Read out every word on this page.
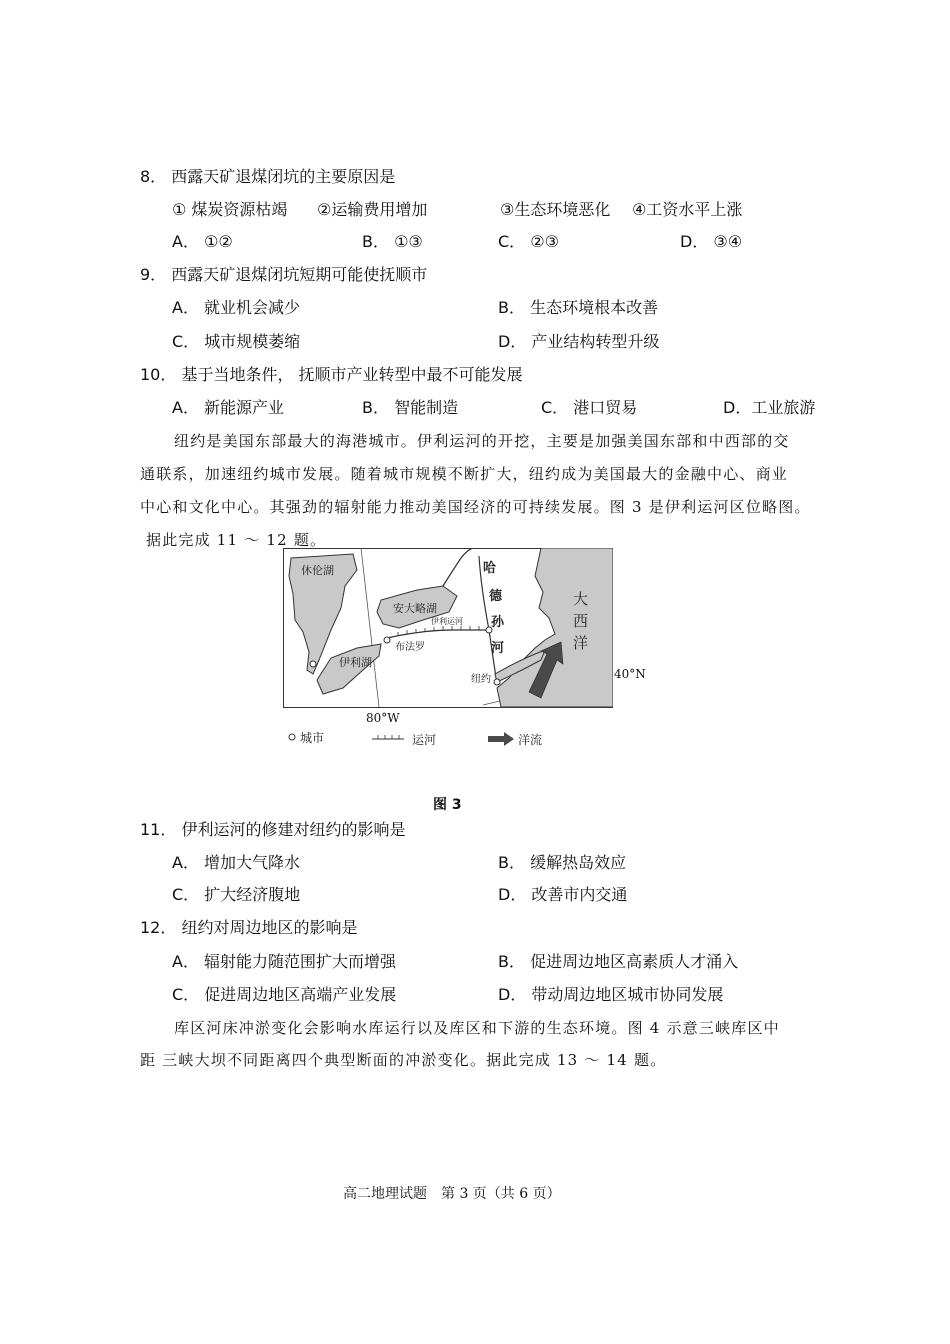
8． 西露天矿退煤闭坑的主要原因是
① 煤炭资源枯竭 ②运输费用增加	③生态环境恶化 ④工资水平上涨
A． ①②	B． ①③	C． ②③	D． ③④
9． 西露天矿退煤闭坑短期可能使抚顺市
A． 就业机会减少	B． 生态环境根本改善
C． 城市规模萎缩	D． 产业结构转型升级
10． 基于当地条件， 抚顺市产业转型中最不可能发展
A． 新能源产业	B． 智能制造	C． 港口贸易	D．工业旅游
纽约是美国东部最大的海港城市。伊利运河的开挖，主要是加强美国东部和中西部的交
通联系，加速纽约城市发展。随着城市规模不断扩大，纽约成为美国最大的金融中心、商业
中心和文化中心。其强劲的辐射能力推动美国经济的可持续发展。图 3 是伊利运河区位略图。
据此完成 11 ～ 12 题。
休伦湖
安大略湖
伊利运河
布法罗
伊利湖
哈
德
孙
河
纽约
大
西
洋
40°N
80°W
城市	运河	洋流
图 3
11． 伊利运河的修建对纽约的影响是
A． 增加大气降水	B． 缓解热岛效应
C． 扩大经济腹地	D． 改善市内交通
12． 纽约对周边地区的影响是
A． 辐射能力随范围扩大而增强	B． 促进周边地区高素质人才涌入
C． 促进周边地区高端产业发展	D． 带动周边地区城市协同发展
库区河床冲淤变化会影响水库运行以及库区和下游的生态环境。图 4 示意三峡库区中
距 三峡大坝不同距离四个典型断面的冲淤变化。据此完成 13 ～ 14 题。
高二地理试题　第 3 页（共 6 页）
